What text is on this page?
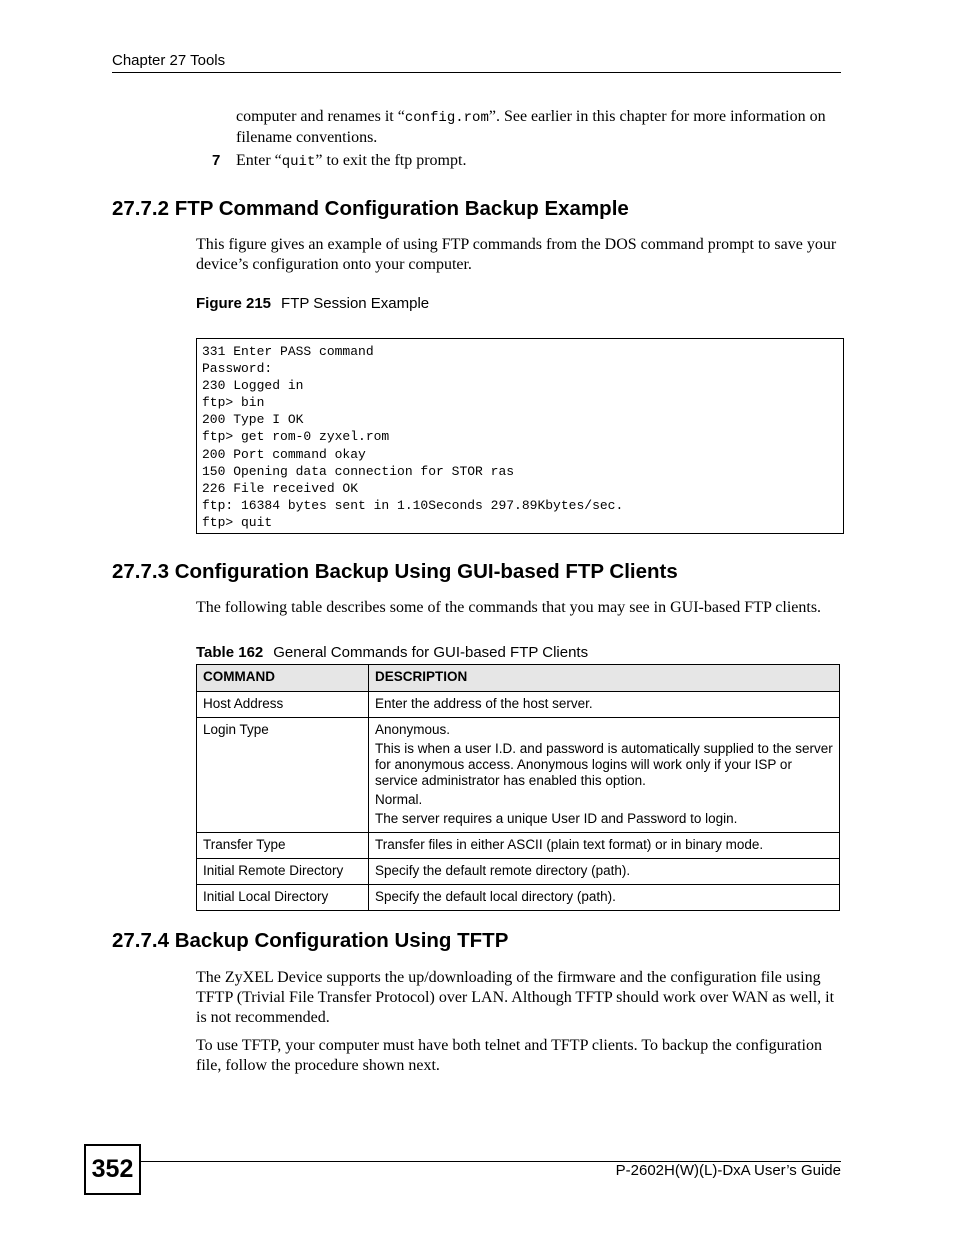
Chapter 27 Tools
computer and renames it “config.rom”. See earlier in this chapter for more information on filename conventions.
7 Enter “quit” to exit the ftp prompt.
27.7.2 FTP Command Configuration Backup Example
This figure gives an example of using FTP commands from the DOS command prompt to save your device’s configuration onto your computer.
Figure 215 FTP Session Example
331 Enter PASS command
Password:
230 Logged in
ftp> bin
200 Type I OK
ftp> get rom-0 zyxel.rom
200 Port command okay
150 Opening data connection for STOR ras
226 File received OK
ftp: 16384 bytes sent in 1.10Seconds 297.89Kbytes/sec.
ftp> quit
27.7.3 Configuration Backup Using GUI-based FTP Clients
The following table describes some of the commands that you may see in GUI-based FTP clients.
Table 162 General Commands for GUI-based FTP Clients
COMMAND	DESCRIPTION
Host Address	Enter the address of the host server.

Login Type	Anonymous.

This is when a user I.D. and password is automatically supplied to the server for anonymous access. Anonymous logins will work only if your ISP or service administrator has enabled this option.

Normal.

The server requires a unique User ID and Password to login.

Transfer Type	Transfer files in either ASCII (plain text format) or in binary mode.

Initial Remote Directory	Specify the default remote directory (path).

Initial Local Directory	Specify the default local directory (path).

27.7.4 Backup Configuration Using TFTP
The ZyXEL Device supports the up/downloading of the firmware and the configuration file using TFTP (Trivial File Transfer Protocol) over LAN. Although TFTP should work over WAN as well, it is not recommended.
To use TFTP, your computer must have both telnet and TFTP clients. To backup the configuration file, follow the procedure shown next.
352	P-2602H(W)(L)-DxA User’s Guide
